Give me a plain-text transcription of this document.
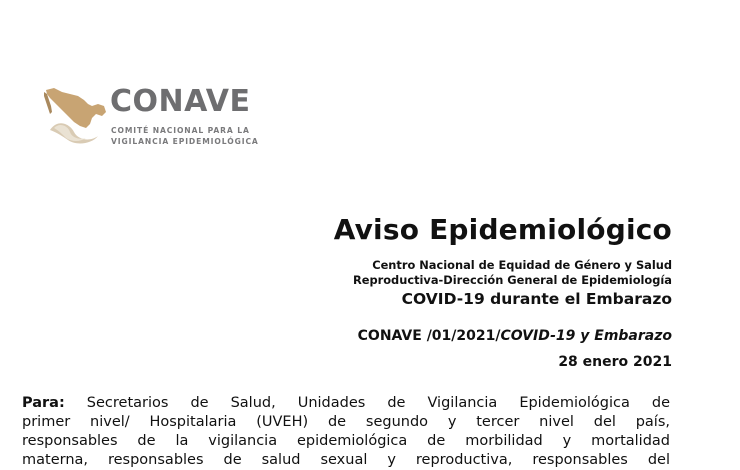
CONAVE
COMITÉ NACIONAL PARA LA
VIGILANCIA EPIDEMIOLÓGICA
Aviso Epidemiológico
Centro Nacional de Equidad de Género y Salud
Reproductiva-Dirección General de Epidemiología
COVID-19 durante el Embarazo
CONAVE /01/2021/COVID-19 y Embarazo
28 enero 2021
Para: Secretarios de Salud, Unidades de Vigilancia Epidemiológica de
primer nivel/ Hospitalaria (UVEH) de segundo y tercer nivel del país,
responsables de la vigilancia epidemiológica de morbilidad y mortalidad
materna, responsables de salud sexual y reproductiva, responsables del
